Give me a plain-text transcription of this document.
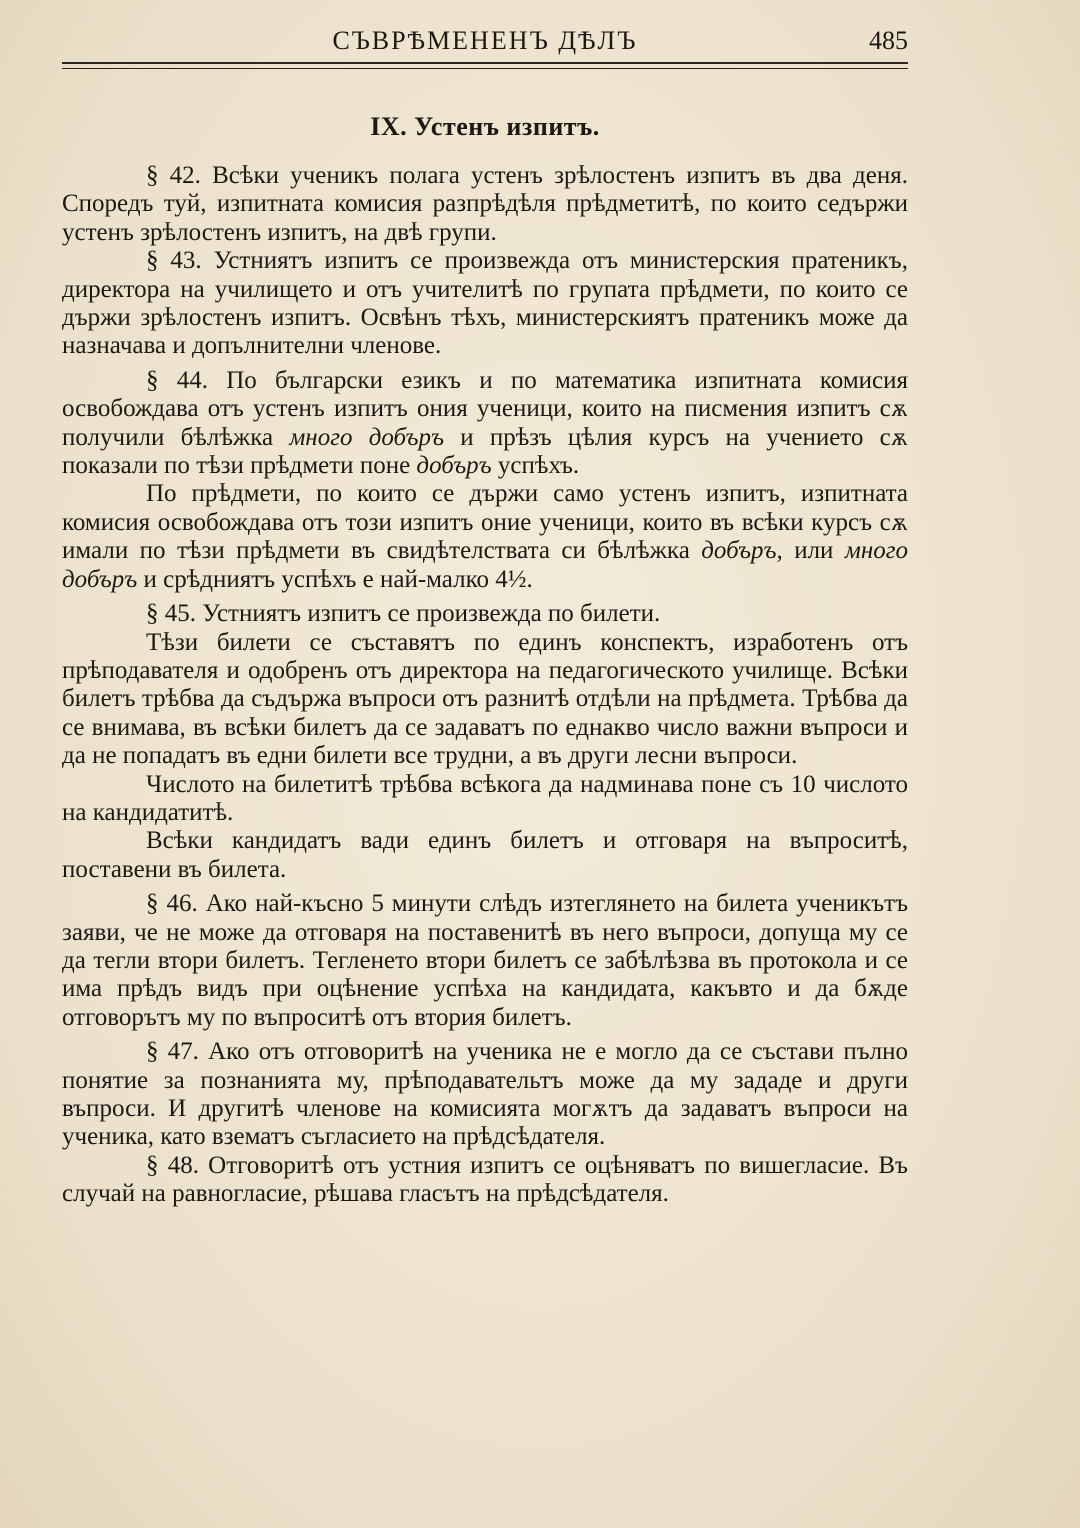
СЪВРѢМЕНЕНЪ ДѢЛЪ	485
IX. Устенъ изпитъ.

§ 42. Всѣки ученикъ полага устенъ зрѣлостенъ изпитъ въ два деня. Споредъ туй, изпитната комисия разпрѣдѣля прѣдметитѣ, по които седържи устенъ зрѣлостенъ изпитъ, на двѣ групи.

§ 43. Устниятъ изпитъ се произвежда отъ министерския пратеникъ, директора на училището и отъ учителитѣ по групата прѣдмети, по които се държи зрѣлостенъ изпитъ. Освѣнъ тѣхъ, министерскиятъ пратеникъ може да назначава и допълнителни членове.

§ 44. По български езикъ и по математика изпитната комисия освобождава отъ устенъ изпитъ ония ученици, които на писмения изпитъ сѫ получили бѣлѣжка много добъръ и прѣзъ цѣлия курсъ на учението сѫ показали по тѣзи прѣдмети поне добъръ успѣхъ.

По прѣдмети, по които се държи само устенъ изпитъ, изпитната комисия освобождава отъ този изпитъ ониe ученици, които въ всѣки курсъ сѫ имали по тѣзи прѣдмети въ свидѣтелствата си бѣлѣжка добъръ, или много добъръ и срѣдниятъ успѣхъ е най-малко 4½.

§ 45. Устниятъ изпитъ се произвежда по билети.

Тѣзи билети се съставятъ по единъ конспектъ, изработенъ отъ прѣподавателя и одобренъ отъ директора на педагогическото училище. Всѣки билетъ трѣбва да съдържа въпроси отъ разнитѣ отдѣли на прѣдмета. Трѣбва да се внимава, въ всѣки билетъ да се задаватъ по еднакво число важни въпроси и да не попадатъ въ едни билети все трудни, а въ други лесни въпроси.

Числото на билетитѣ трѣбва всѣкога да надминава поне съ 10 числото на кандидатитѣ.

Всѣки кандидатъ вади единъ билетъ и отговаря на въпроситѣ, поставени въ билета.

§ 46. Ако най-късно 5 минути слѣдъ изтеглянето на билета ученикътъ заяви, че не може да отговаря на поставенитѣ въ него въпроси, допуща му се да тегли втори билетъ. Тегленето втори билетъ се забѣлѣзва въ протокола и се има прѣдъ видъ при оцѣнение успѣха на кандидата, какъвто и да бѫде отговорътъ му по въпроситѣ отъ втория билетъ.

§ 47. Ако отъ отговоритѣ на ученика не е могло да се състави пълно понятие за познанията му, прѣподавательтъ може да му зададе и други въпроси. И другитѣ членове на комисията могѫтъ да задаватъ въпроси на ученика, като взематъ съгласието на прѣдсѣдателя.

§ 48. Отговоритѣ отъ устния изпитъ се оцѣняватъ по вишегласие. Въ случай на равногласие, рѣшава гласътъ на прѣдсѣдателя.
